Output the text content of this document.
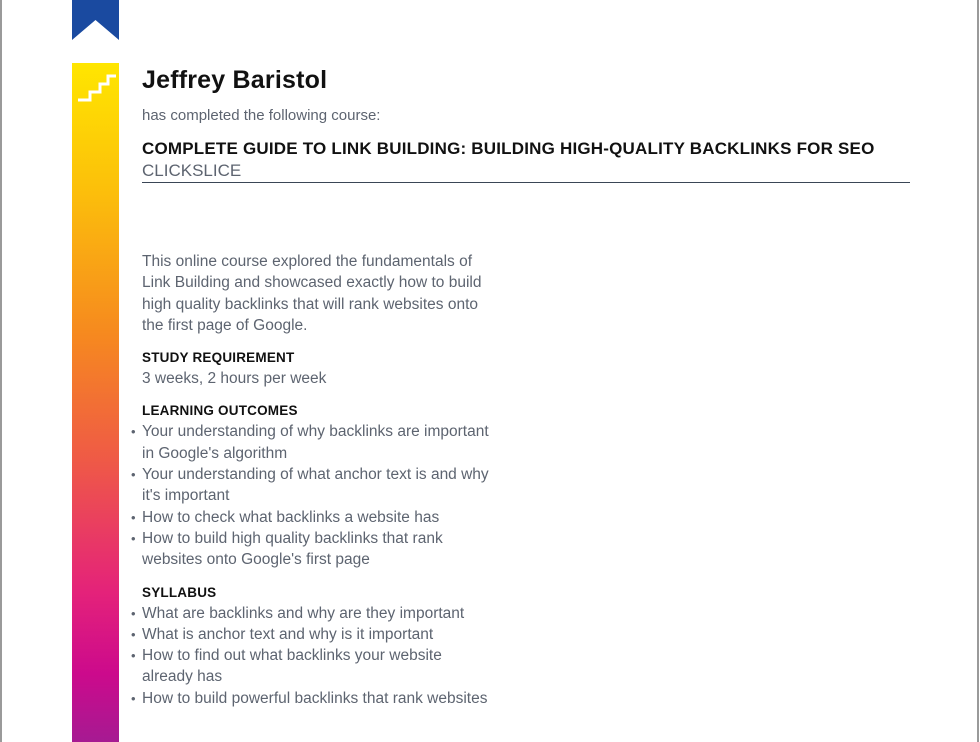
Jeffrey Baristol
has completed the following course:
COMPLETE GUIDE TO LINK BUILDING: BUILDING HIGH-QUALITY BACKLINKS FOR SEO
CLICKSLICE

This online course explored the fundamentals of Link Building and showcased exactly how to build high quality backlinks that will rank websites onto the first page of Google.

STUDY REQUIREMENT
3 weeks, 2 hours per week
LEARNING OUTCOMES
• Your understanding of why backlinks are important in Google's algorithm
• Your understanding of what anchor text is and why it's important
• How to check what backlinks a website has
• How to build high quality backlinks that rank websites onto Google's first page
SYLLABUS
• What are backlinks and why are they important
• What is anchor text and why is it important
• How to find out what backlinks your website already has
• How to build powerful backlinks that rank websites
